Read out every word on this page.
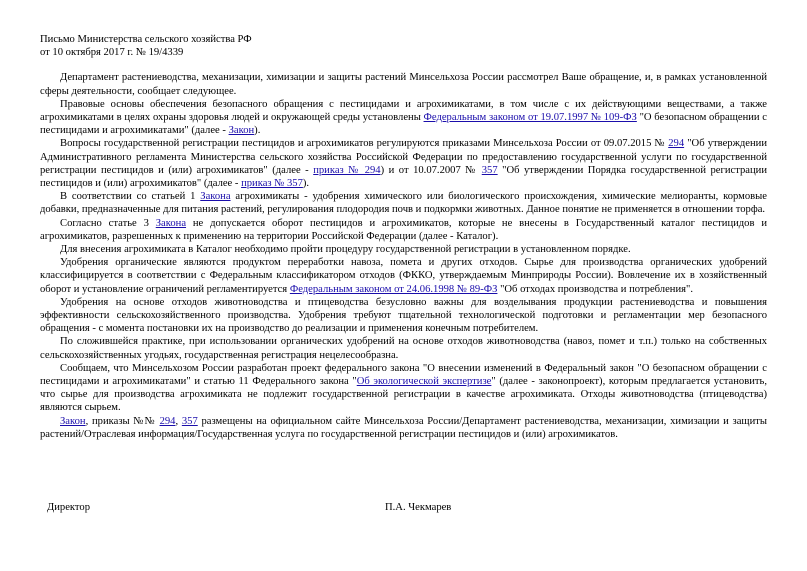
Письмо Министерства сельского хозяйства РФ
от 10 октября 2017 г. № 19/4339

Департамент растениеводства, механизации, химизации и защиты растений Минсельхоза России рассмотрел Ваше обращение, и, в рамках установленной сферы деятельности, сообщает следующее.

Правовые основы обеспечения безопасного обращения с пестицидами и агрохимикатами, в том числе с их действующими веществами, а также агрохимикатами в целях охраны здоровья людей и окружающей среды установлены Федеральным законом от 19.07.1997 № 109-ФЗ "О безопасном обращении с пестицидами и агрохимикатами" (далее - Закон).

Вопросы государственной регистрации пестицидов и агрохимикатов регулируются приказами Минсельхоза России от 09.07.2015 № 294 "Об утверждении Административного регламента Министерства сельского хозяйства Российской Федерации по предоставлению государственной услуги по государственной регистрации пестицидов и (или) агрохимикатов" (далее - приказ № 294) и от 10.07.2007 № 357 "Об утверждении Порядка государственной регистрации пестицидов и (или) агрохимикатов" (далее - приказ № 357).

В соответствии со статьей 1 Закона агрохимикаты - удобрения химического или биологического происхождения, химические мелиоранты, кормовые добавки, предназначенные для питания растений, регулирования плодородия почв и подкормки животных. Данное понятие не применяется в отношении торфа.

Согласно статье 3 Закона не допускается оборот пестицидов и агрохимикатов, которые не внесены в Государственный каталог пестицидов и агрохимикатов, разрешенных к применению на территории Российской Федерации (далее - Каталог).

Для внесения агрохимиката в Каталог необходимо пройти процедуру государственной регистрации в установленном порядке.

Удобрения органические являются продуктом переработки навоза, помета и других отходов. Сырье для производства органических удобрений классифицируется в соответствии с Федеральным классификатором отходов (ФККО, утверждаемым Минприроды России). Вовлечение их в хозяйственный оборот и установление ограничений регламентируется Федеральным законом от 24.06.1998 № 89-ФЗ "Об отходах производства и потребления".

Удобрения на основе отходов животноводства и птицеводства безусловно важны для возделывания продукции растениеводства и повышения эффективности сельскохозяйственного производства. Удобрения требуют тщательной технологической подготовки и регламентации мер безопасного обращения - с момента постановки их на производство до реализации и применения конечным потребителем.

По сложившейся практике, при использовании органических удобрений на основе отходов животноводства (навоз, помет и т.п.) только на собственных сельскохозяйственных угодьях, государственная регистрация нецелесообразна.

Сообщаем, что Минсельхозом России разработан проект федерального закона "О внесении изменений в Федеральный закон "О безопасном обращении с пестицидами и агрохимикатами" и статью 11 Федерального закона "Об экологической экспертизе" (далее - законопроект), которым предлагается установить, что сырье для производства агрохимиката не подлежит государственной регистрации в качестве агрохимиката. Отходы животноводства (птицеводства) являются сырьем.

Закон, приказы №№ 294, 357 размещены на официальном сайте Минсельхоза России/Департамент растениеводства, механизации, химизации и защиты растений/Отраслевая информация/Государственная услуга по государственной регистрации пестицидов и (или) агрохимикатов.

Директор	П.А. Чекмарев
